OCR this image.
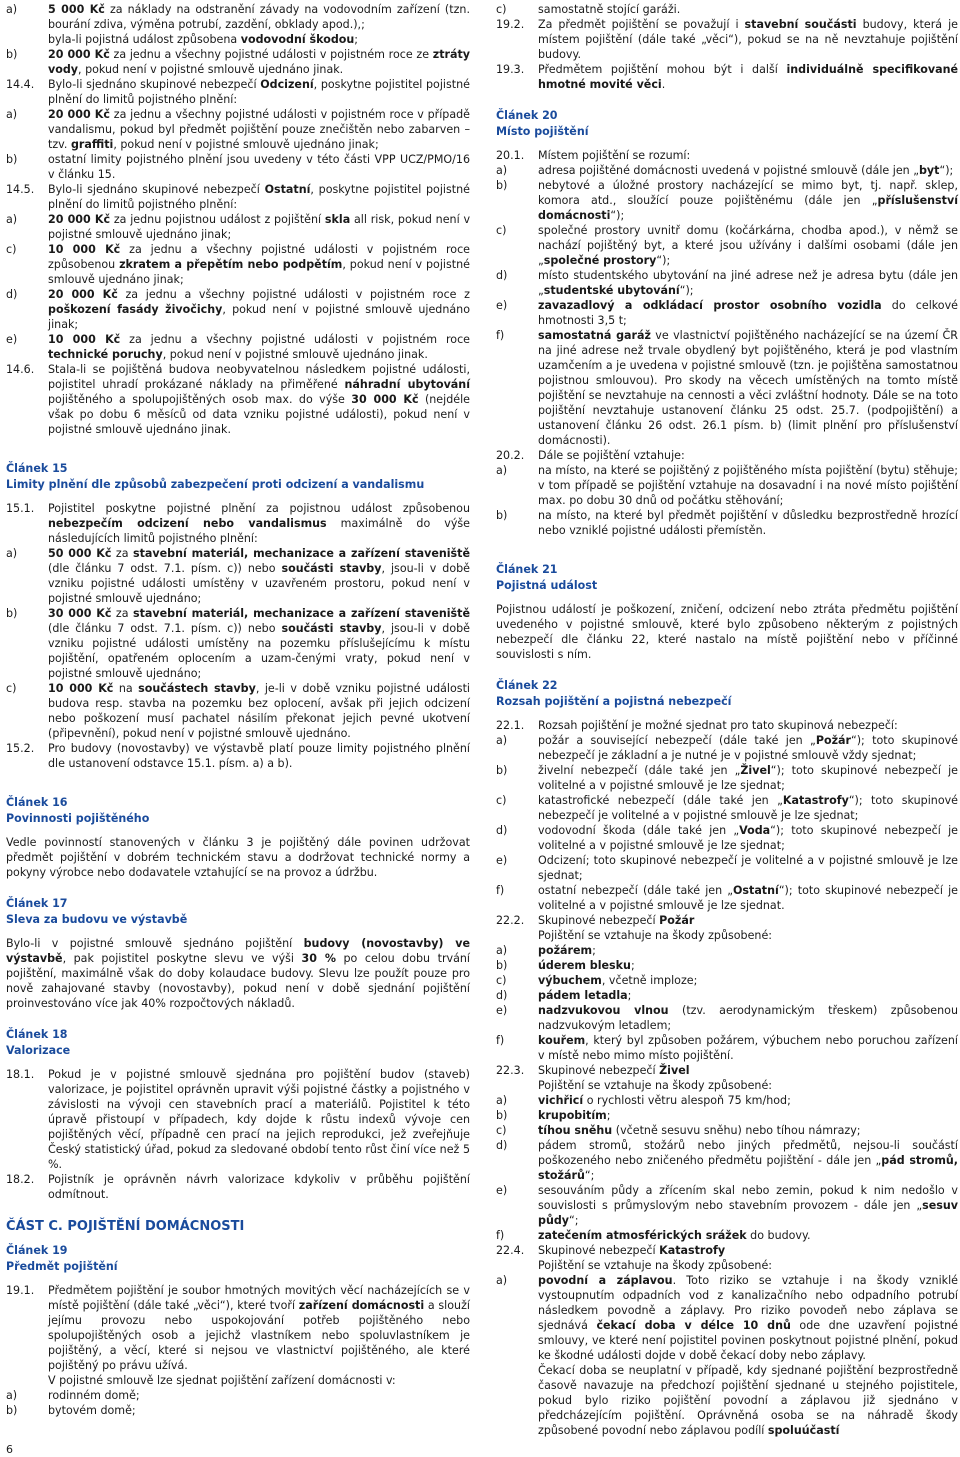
a)	5 000 Kč za náklady na odstranění závady na vodovodním zařízení (tzn. bourání zdiva, výměna potrubí, zazdění, obklady apod.),;
byla-li pojistná událost způsobena vodovodní škodou;
b)	20 000 Kč za jednu a všechny pojistné události v pojistném roce ze ztráty vody, pokud není v pojistné smlouvě ujednáno jinak.
14.4.	Bylo-li sjednáno skupinové nebezpečí Odcizení, poskytne pojistitel pojistné plnění do limitů pojistného plnění:
a)	20 000 Kč za jednu a všechny pojistné události v pojistném roce v případě vandalismu, pokud byl předmět pojištění pouze znečištěn nebo zabarven – tzv. graffiti, pokud není v pojistné smlouvě ujednáno jinak;
b)	ostatní limity pojistného plnění jsou uvedeny v této části VPP UCZ/PMO/16 v článku 15.
14.5.	Bylo-li sjednáno skupinové nebezpečí Ostatní, poskytne pojistitel pojistné plnění do limitů pojistného plnění:
a)	20 000 Kč za jednu pojistnou událost z pojištění skla all risk, pokud není v pojistné smlouvě ujednáno jinak;
c)	10 000 Kč za jednu a všechny pojistné události v pojistném roce způsobenou zkratem a přepětím nebo podpětím, pokud není v pojistné smlouvě ujednáno jinak;
d)	20 000 Kč za jednu a všechny pojistné události v pojistném roce z poškození fasády živočichy, pokud není v pojistné smlouvě ujednáno jinak;
e)	10 000 Kč za jednu a všechny pojistné události v pojistném roce technické poruchy, pokud není v pojistné smlouvě ujednáno jinak.
14.6.	Stala-li se pojištěná budova neobyvatelnou následkem pojistné události, pojistitel uhradí prokázané náklady na přiměřené náhradní ubytování pojištěného a spolupojištěných osob max. do výše 30 000 Kč (nejdéle však po dobu 6 měsíců od data vzniku pojistné události), pokud není v pojistné smlouvě ujednáno jinak.
Článek 15
Limity plnění dle způsobů zabezpečení proti odcizení a vandalismu
15.1.	Pojistitel poskytne pojistné plnění za pojistnou událost způsobenou nebezpečím odcizení nebo vandalismus maximálně do výše následujících limitů pojistného plnění:
a)	50 000 Kč za stavební materiál, mechanizace a zařízení staveniště (dle článku 7 odst. 7.1. písm. c)) nebo součásti stavby, jsou-li v době vzniku pojistné události umístěny v uzavřeném prostoru, pokud není v pojistné smlouvě ujednáno;
b)	30 000 Kč za stavební materiál, mechanizace a zařízení staveniště (dle článku 7 odst. 7.1. písm. c)) nebo součásti stavby, jsou-li v době vzniku pojistné události umístěny na pozemku příslušejícímu k místu pojištění, opatřeném oplocením a uzam-čenými vraty, pokud není v pojistné smlouvě ujednáno;
c)	10 000 Kč na součástech stavby, je-li v době vzniku pojistné události budova resp. stavba na pozemku bez oplocení, avšak při jejich odcizení nebo poškození musí pachatel násilím překonat jejich pevné ukotvení (připevnění), pokud není v pojistné smlouvě ujednáno.
15.2.	Pro budovy (novostavby) ve výstavbě platí pouze limity pojistného plnění dle ustanovení odstavce 15.1. písm. a) a b).
Článek 16
Povinnosti pojištěného
Vedle povinností stanovených v článku 3 je pojištěný dále povinen udržovat předmět pojištění v dobrém technickém stavu a dodržovat technické normy a pokyny výrobce nebo dodavatele vztahující se na provoz a údržbu.
Článek 17
Sleva za budovu ve výstavbě
Bylo-li v pojistné smlouvě sjednáno pojištění budovy (novostavby) ve výstavbě, pak pojistitel poskytne slevu ve výši 30 % po celou dobu trvání pojištění, maximálně však do doby kolaudace budovy. Slevu lze použít pouze pro nově zahajované stavby (novostavby), pokud není v době sjednání pojištění proinvestováno více jak 40% rozpočtových nákladů.
Článek 18
Valorizace
18.1.	Pokud je v pojistné smlouvě sjednána pro pojištění budov (staveb) valorizace, je pojistitel oprávněn upravit výši pojistné částky a pojistného v závislosti na vývoji cen stavebních prací a materiálů. Pojistitel k této úpravě přistoupí v případech, kdy dojde k růstu indexů vývoje cen pojištěných věcí, případně cen prací na jejich reprodukci, jež zveřejňuje Český statistický úřad, pokud za sledované období tento růst činí více než 5 %.
18.2.	Pojistník je oprávněn návrh valorizace kdykoliv v průběhu pojištění odmítnout.
ČÁST C. POJIŠTĚNÍ DOMÁCNOSTI
Článek 19
Předmět pojištění
19.1.	Předmětem pojištění je soubor hmotných movitých věcí nacházejících se v místě pojištění (dále také „věci“), které tvoří zařízení domácnosti a slouží jejímu provozu nebo uspokojování potřeb pojištěného nebo spolupojištěných osob a jejichž vlastníkem nebo spoluvlastníkem je pojištěný, a věcí, které si nejsou ve vlastnictví pojištěného, ale které pojištěný po právu užívá.
V pojistné smlouvě lze sjednat pojištění zařízení domácnosti v:
a)	rodinném domě;
b)	bytovém domě;
c)	samostatně stojící garáži.
19.2.	Za předmět pojištění se považují i stavební součásti budovy, která je místem pojištění (dále také „věci“), pokud se na ně nevztahuje pojištění budovy.
19.3.	Předmětem pojištění mohou být i další individuálně specifikované hmotné movité věci.
Článek 20
Místo pojištění
20.1.	Místem pojištění se rozumí:
a)	adresa pojištěné domácnosti uvedená v pojistné smlouvě (dále jen „byt“);
b)	nebytové a úložné prostory nacházející se mimo byt, tj. např. sklep, komora atd., sloužící pouze pojištěnému (dále jen „příslušenství domácnosti“);
c)	společné prostory uvnitř domu (kočárkárna, chodba apod.), v němž se nachází pojištěný byt, a které jsou užívány i dalšími osobami (dále jen „společné prostory“);
d)	místo studentského ubytování na jiné adrese než je adresa bytu (dále jen „studentské ubytování“);
e)	zavazadlový a odkládací prostor osobního vozidla do celkové hmotnosti 3,5 t;
f)	samostatná garáž ve vlastnictví pojištěného nacházející se na území ČR na jiné adrese než trvale obydlený byt pojištěného, která je pod vlastním uzamčením a je uvedena v pojistné smlouvě (tzn. je pojištěna samostatnou pojistnou smlouvou). Pro skody na věcech umístěných na tomto místě pojištění se nevztahuje na cennosti a věci zvláštní hodnoty. Dále se na toto pojištění nevztahuje ustanovení článku 25 odst. 25.7. (podpojištění) a ustanovení článku 26 odst. 26.1 písm. b) (limit plnění pro příslušenství domácnosti).
20.2.	Dále se pojištění vztahuje:
a)	na místo, na které se pojištěný z pojištěného místa pojištění (bytu) stěhuje; v tom případě se pojištění vztahuje na dosavadní i na nové místo pojištění max. po dobu 30 dnů od počátku stěhování;
b)	na místo, na které byl předmět pojištění v důsledku bezprostředně hrozící nebo vzniklé pojistné události přemístěn.
Článek 21
Pojistná událost
Pojistnou událostí je poškození, zničení, odcizení nebo ztráta předmětu pojištění uvedeného v pojistné smlouvě, které bylo způsobeno některým z pojistných nebezpečí dle článku 22, které nastalo na místě pojištění nebo v příčinné souvislosti s ním.
Článek 22
Rozsah pojištění a pojistná nebezpečí
22.1.	Rozsah pojištění je možné sjednat pro tato skupinová nebezpečí:
a)	požár a související nebezpečí (dále také jen „Požár“); toto skupinové nebezpečí je základní a je nutné je v pojistné smlouvě vždy sjednat;
b)	živelní nebezpečí (dále také jen „Živel“); toto skupinové nebezpečí je volitelné a v pojistné smlouvě je lze sjednat;
c)	katastrofické nebezpečí (dále také jen „Katastrofy“); toto skupinové nebezpečí je volitelné a v pojistné smlouvě je lze sjednat;
d)	vodovodní škoda (dále také jen „Voda“); toto skupinové nebezpečí je volitelné a v pojistné smlouvě je lze sjednat;
e)	Odcizení; toto skupinové nebezpečí je volitelné a v pojistné smlouvě je lze sjednat;
f)	ostatní nebezpečí (dále také jen „Ostatní“); toto skupinové nebezpečí je volitelné a v pojistné smlouvě je lze sjednat.
22.2.	Skupinové nebezpečí Požár
Pojištění se vztahuje na škody způsobené:
a)	požárem;
b)	úderem blesku;
c)	výbuchem, včetně imploze;
d)	pádem letadla;
e)	nadzvukovou vlnou (tzv. aerodynamickým třeskem) způsobenou nadzvukovým letadlem;
f)	kouřem, který byl způsoben požárem, výbuchem nebo poruchou zařízení v místě nebo mimo místo pojištění.
22.3.	Skupinové nebezpečí Živel
Pojištění se vztahuje na škody způsobené:
a)	vichřicí o rychlosti větru alespoň 75 km/hod;
b)	krupobitím;
c)	tíhou sněhu (včetně sesuvu sněhu) nebo tíhou námrazy;
d)	pádem stromů, stožárů nebo jiných předmětů, nejsou-li součástí poškozeného nebo zničeného předmětu pojištění - dále jen „pád stromů, stožárů“;
e)	sesouváním půdy a zřícením skal nebo zemin, pokud k nim nedošlo v souvislosti s průmyslovým nebo stavebním provozem - dále jen „sesuv půdy“;
f)	zatečením atmosférických srážek do budovy.
22.4.	Skupinové nebezpečí Katastrofy
Pojištění se vztahuje na škody způsobené:
a)	povodní a záplavou. Toto riziko se vztahuje i na škody vzniklé vystoupnutím odpadních vod z kanalizačního nebo odpadního potrubí následkem povodně a záplavy. Pro riziko povodeň nebo záplava se sjednává čekací doba v délce 10 dnů ode dne uzavření pojistné smlouvy, ve které není pojistitel povinen poskytnout pojistné plnění, pokud ke škodné události dojde v době čekací doby nebo záplavy.
Čekací doba se neuplatní v případě, kdy sjednané pojištění bezprostředně časově navazuje na předchozí pojištění sjednané u stejného pojistitele, pokud bylo riziko pojištění povodní a záplavou již sjednáno v předcházejícím pojištění. Oprávněná osoba se na náhradě škody způsobené povodní nebo záplavou podílí spoluúčastí
6
